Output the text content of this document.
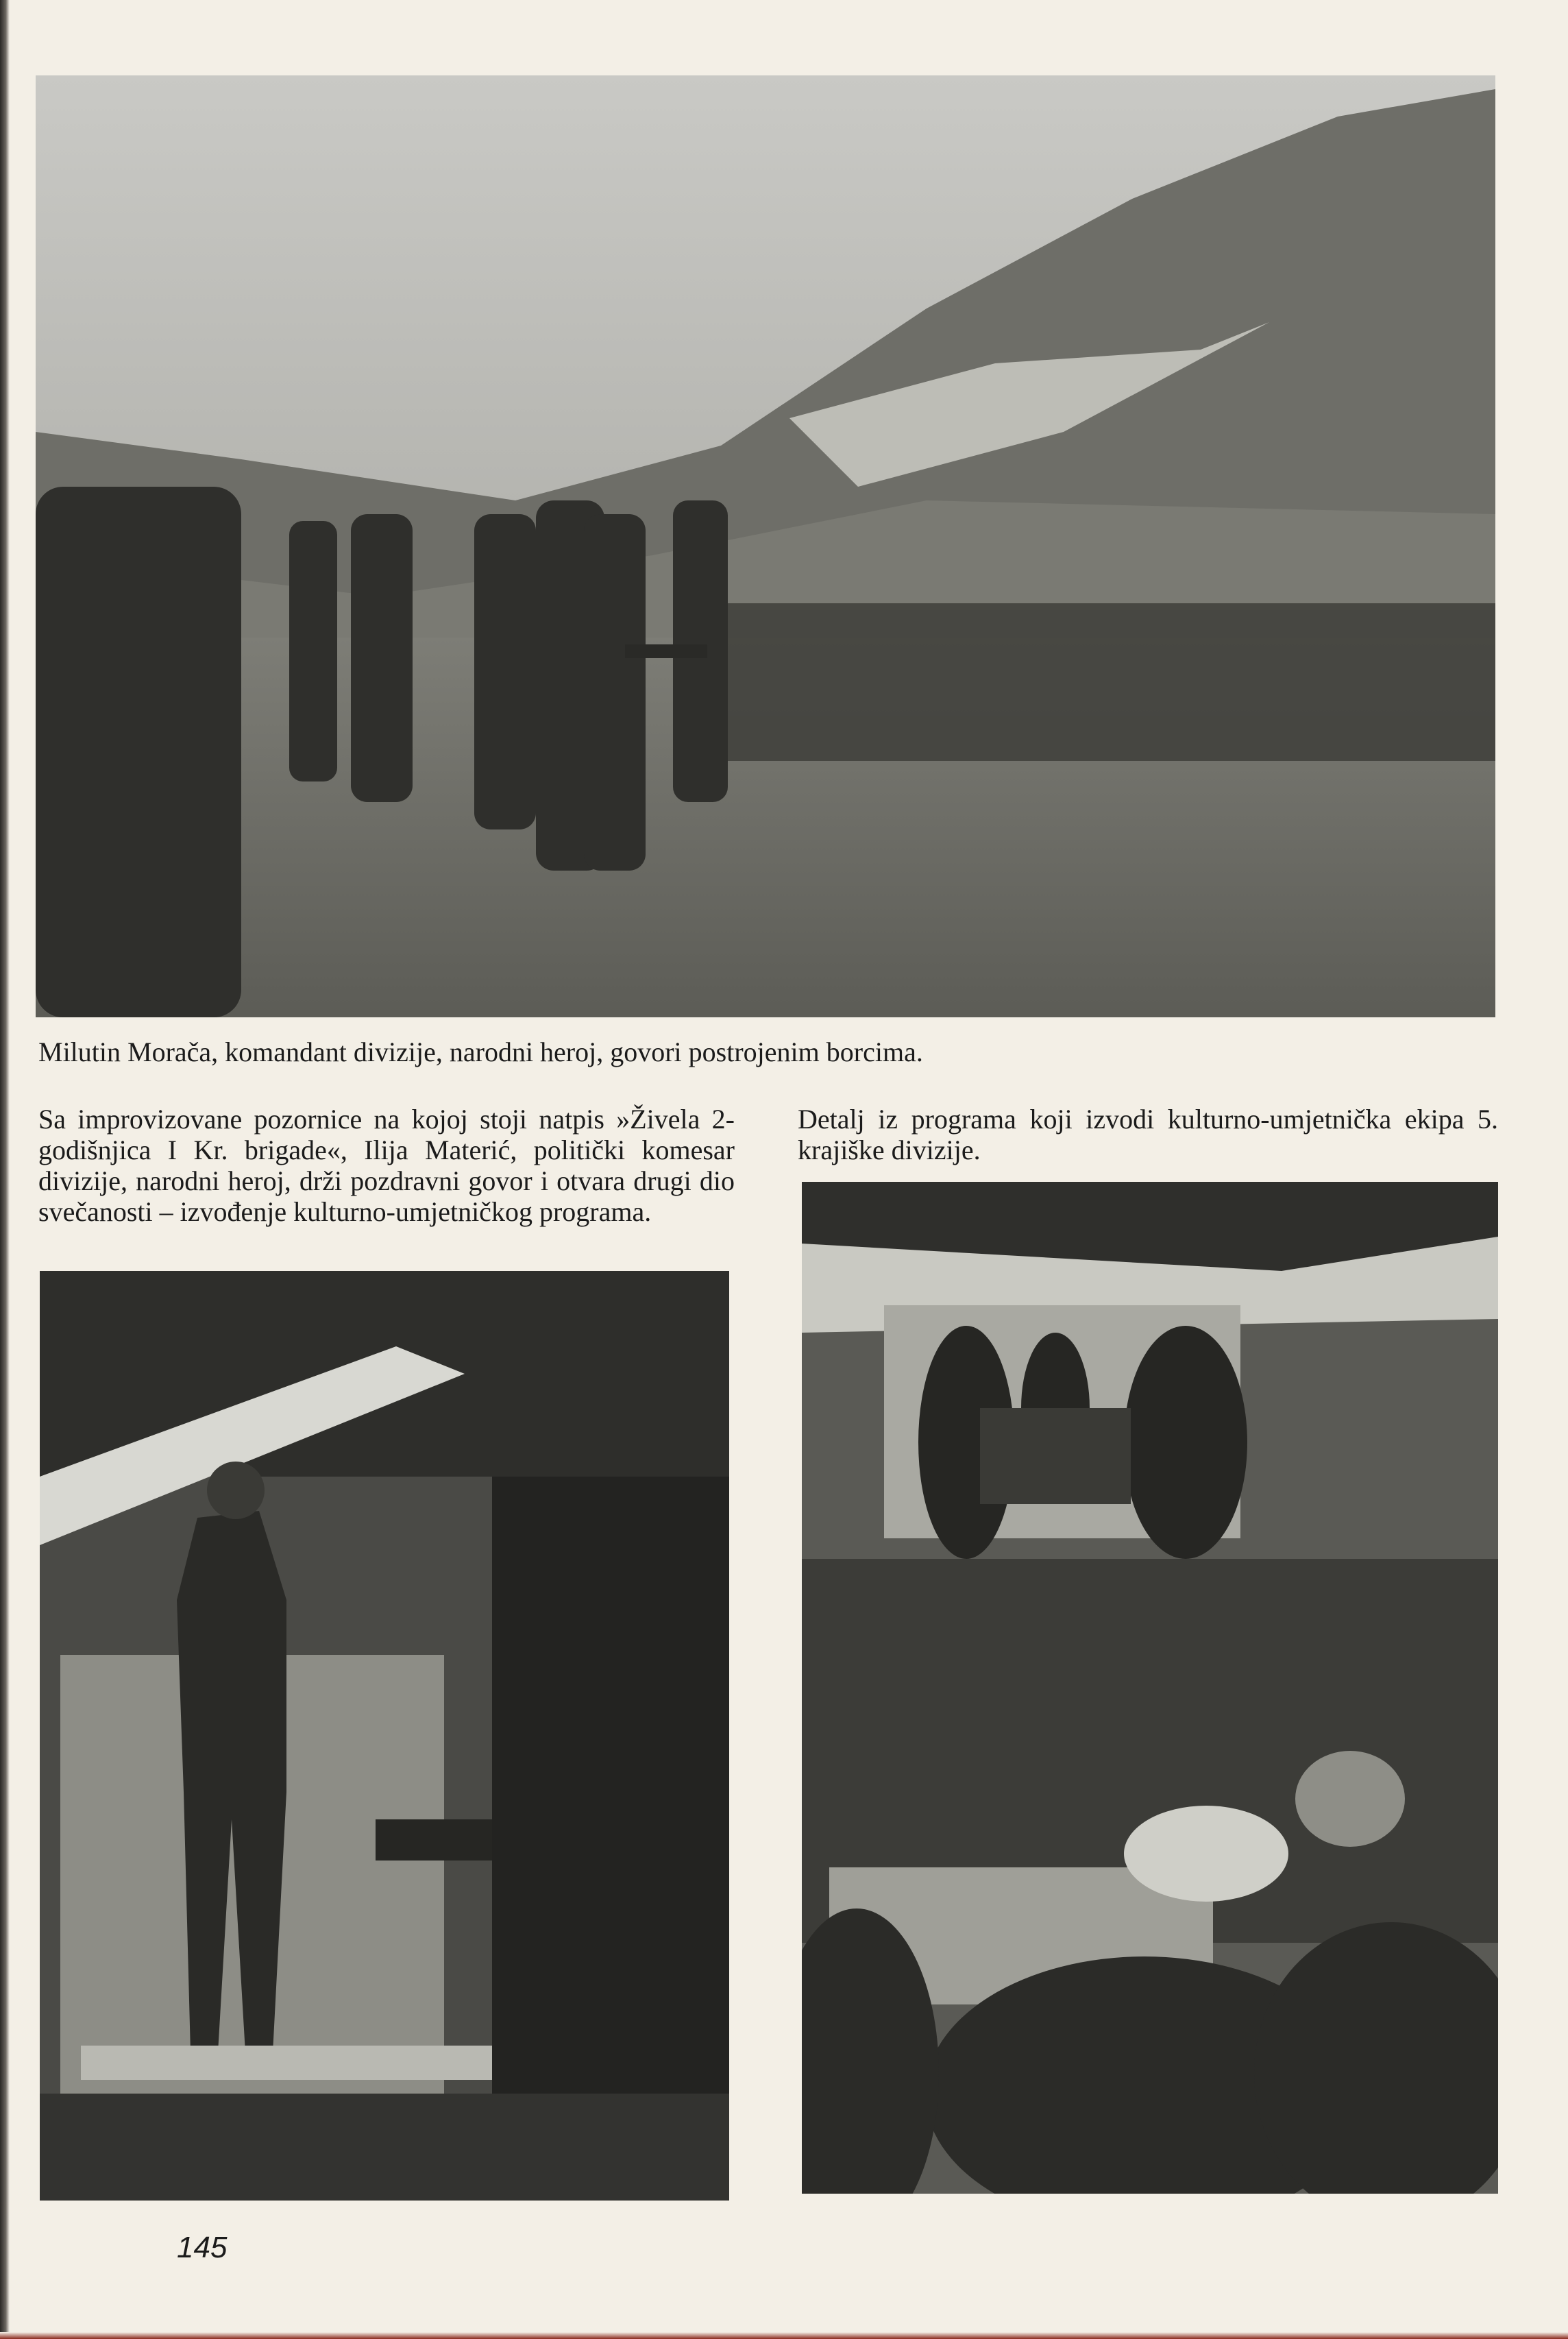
Milutin Morača, komandant divizije, narodni heroj, govori postrojenim borcima.

Sa improvizovane pozornice na kojoj stoji natpis »Živela 2-godišnjica I Kr. brigade«, Ilija Materić, politički komesar divizije, narodni heroj, drži pozdravni govor i otvara drugi dio svečanosti – izvođenje kulturno-umjetničkog programa.

Detalj iz programa koji izvodi kulturno-umjetnička ekipa 5. krajiške divizije.

145
